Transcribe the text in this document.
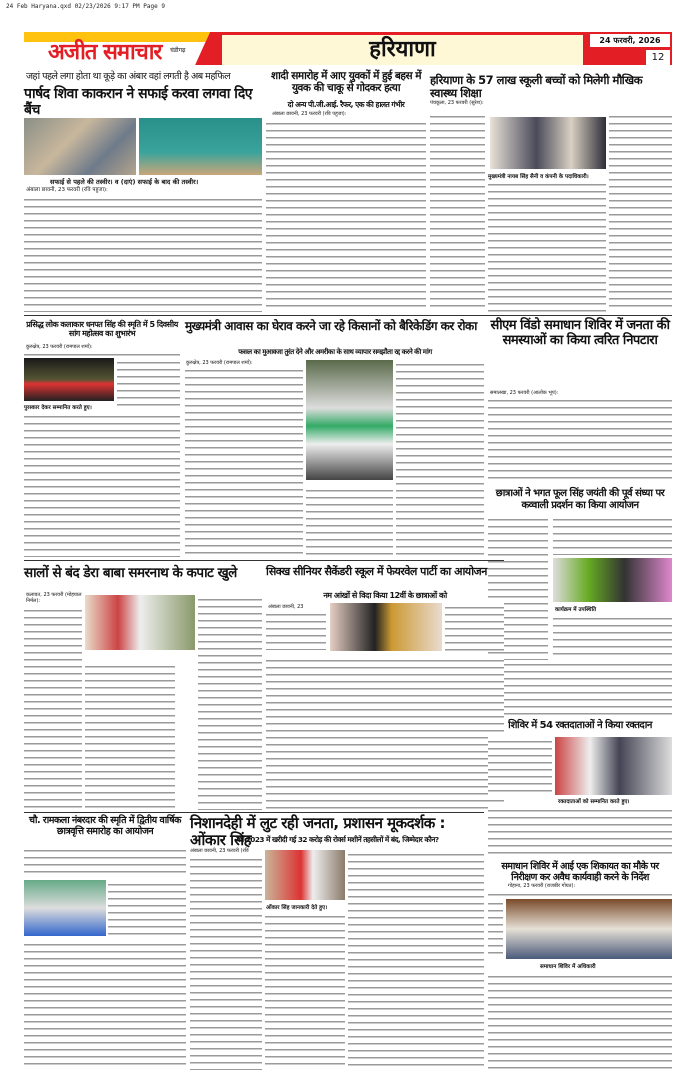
24 Feb Haryana.qxd 02/23/2026 9:17 PM Page 9
अजीत समाचार चंडीगढ़	हरियाणा	24 फरवरी, 2026
12
जहां पहले लगा होता था कूड़े का अंबार वहां लगती है अब महफिल
पार्षद शिवा काकरान ने सफाई करवा लगवा दिए बैंच
सफाई से पहले की तस्वीर। व (दाएं) सफाई के बाद की तस्वीर।
अंबाला छावनी, 23 फरवरी (रवि पहुजा):
शादी समारोह में आए युवकों में हुई बहस में युवक की चाकू से गोदकर हत्या
दो अन्य पी.जी.आई. रैफर, एक की हालत गंभीर
अंबाला छावनी, 23 फरवरी (रवि पहुजा):
हरियाणा के 57 लाख स्कूली बच्चों को मिलेगी मौखिक स्वास्थ्य शिक्षा
पंचकूला, 23 फरवरी (सुरेश):
मुख्यमंत्री नायब सिंह सैनी व कंपनी के पदाधिकारी।
प्रसिद्ध लोक कलाकार धनपत सिंह की स्मृति में 5 दिवसीय सांग महोत्सव का शुभारंभ
कुरुक्षेत्र, 23 फरवरी (रामपाल शर्मा):
पुरस्कार देकर सम्मानित करते हुए।
मुख्यमंत्री आवास का घेराव करने जा रहे किसानों को बैरिकेडिंग कर रोका
फसल का मुआवजा तुरंत देने और अमरीका के साथ व्यापार समझौता रद्द करने की मांग
कुरुक्षेत्र, 23 फरवरी (रामपाल शर्मा):
सीएम विंडो समाधान शिविर में जनता की समस्याओं का किया त्वरित निपटारा
समालखा, 23 फरवरी (आलोक भूप):
छात्राओं ने भगत फूल सिंह जयंती की पूर्व संध्या पर कव्वाली प्रदर्शन का किया आयोजन
सालों से बंद डेरा बाबा समरनाथ के कपाट खुले
कलायत, 23 फरवरी (मोहयाल निर्मल):
सिक्ख सीनियर सैकेंडरी स्कूल में फेयरवेल पार्टी का आयोजन
नम आंखों से विदा किया 12वीं के छात्राओं को
अंबाला छावनी, 23	कार्यक्रम में उपस्थिति
शिविर में 54 रक्तदाताओं ने किया रक्तदान
रक्तदाताओं को सम्मानित करते हुए।
चौ. रामकला नंबरदार की स्मृति में द्वितीय वार्षिक छात्रवृत्ति समारोह का आयोजन	निशानदेही में लुट रही जनता, प्रशासन मूकदर्शक : ओंकार सिंह
वर्ष 2023 में खरीदी गई 32 करोड़ की रोवर्स मशीनें तहसीलों में बंद, जिम्मेदार कौन?
अंबाला छावनी, 23 फरवरी (रवि
ओंकार सिंह जानकारी देते हुए।
समाधान शिविर में आई एक शिकायत का मौके पर निरीक्षण कर अवैध कार्यवाही करने के निर्देश
गोहाना, 23 फरवरी (राजबीर गोयत):
समाधान शिविर में अधिकारी
